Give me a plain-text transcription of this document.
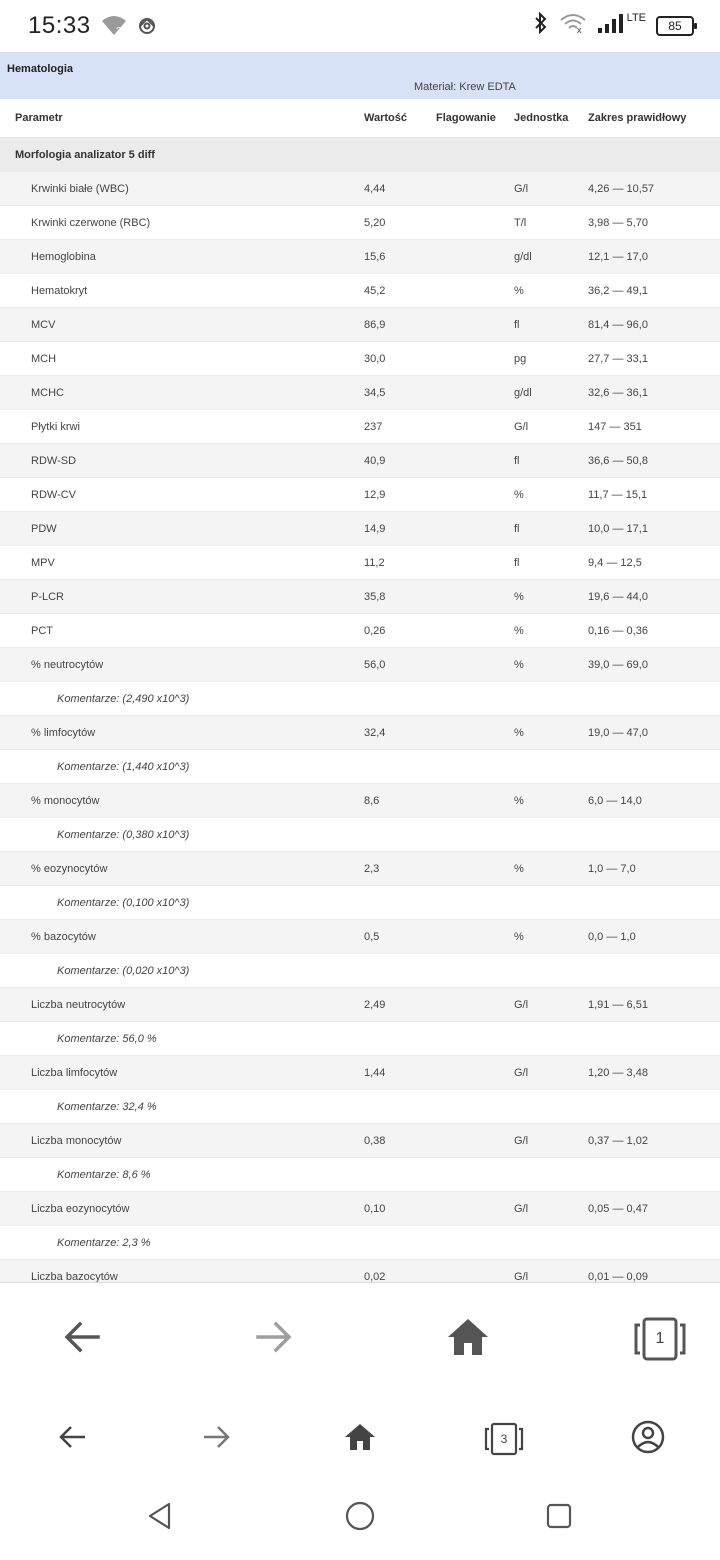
15:33	?	x
LTE
85
Hematologia
Materiał: Krew EDTA
Parametr	Wartość	Flagowanie	Jednostka	Zakres prawidłowy
Morfologia analizator 5 diff				
Krwinki białe (WBC)	4,44		G/l	4,26 — 10,57
Krwinki czerwone (RBC)	5,20		T/l	3,98 — 5,70
Hemoglobina	15,6		g/dl	12,1 — 17,0
Hematokryt	45,2		%	36,2 — 49,1
MCV	86,9		fl	81,4 — 96,0
MCH	30,0		pg	27,7 — 33,1
MCHC	34,5		g/dl	32,6 — 36,1
Płytki krwi	237		G/l	147 — 351
RDW-SD	40,9		fl	36,6 — 50,8
RDW-CV	12,9		%	11,7 — 15,1
PDW	14,9		fl	10,0 — 17,1
MPV	11,2		fl	9,4 — 12,5
P-LCR	35,8		%	19,6 — 44,0
PCT	0,26		%	0,16 — 0,36
% neutrocytów	56,0		%	39,0 — 69,0
Komentarze: (2,490 x10^3)				
% limfocytów	32,4		%	19,0 — 47,0
Komentarze: (1,440 x10^3)				
% monocytów	8,6		%	6,0 — 14,0
Komentarze: (0,380 x10^3)				
% eozynocytów	2,3		%	1,0 — 7,0
Komentarze: (0,100 x10^3)				
% bazocytów	0,5		%	0,0 — 1,0
Komentarze: (0,020 x10^3)				
Liczba neutrocytów	2,49		G/l	1,91 — 6,51
Komentarze: 56,0 %				
Liczba limfocytów	1,44		G/l	1,20 — 3,48
Komentarze: 32,4 %				
Liczba monocytów	0,38		G/l	0,37 — 1,02
Komentarze: 8,6 %				
Liczba eozynocytów	0,10		G/l	0,05 — 0,47
Komentarze: 2,3 %				
Liczba bazocytów	0,02		G/l	0,01 — 0,09
1
3
